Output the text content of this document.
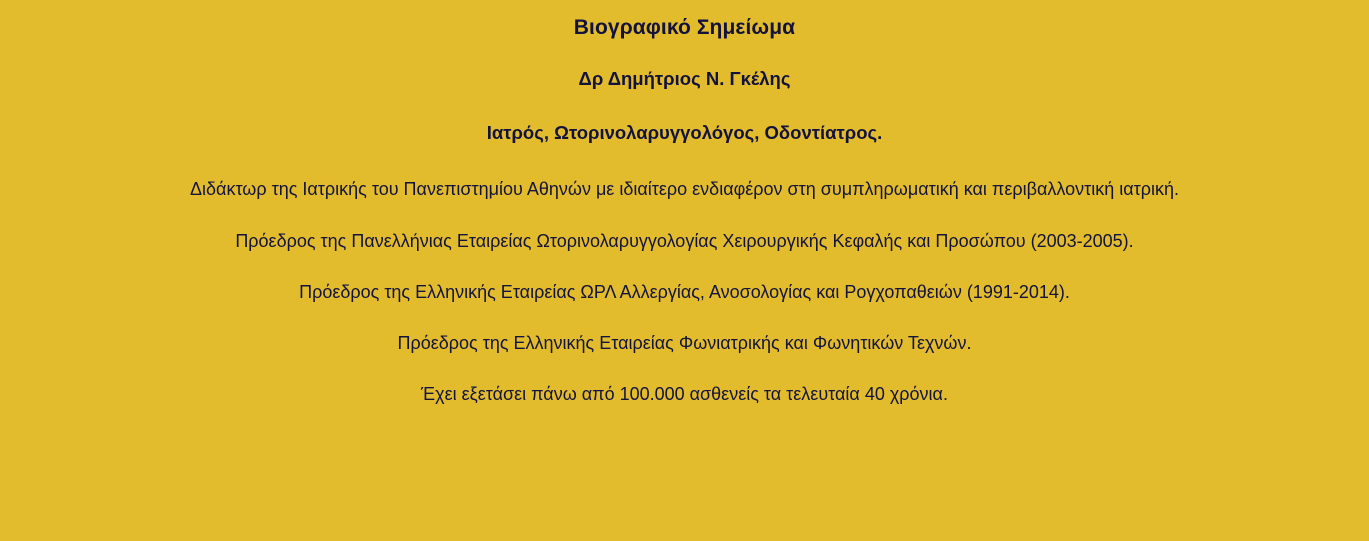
Βιογραφικό Σημείωμα
Δρ Δημήτριος Ν. Γκέλης
Ιατρός, Ωτορινολαρυγγολόγος, Οδοντίατρος.

Διδάκτωρ της Ιατρικής του Πανεπιστημίου Αθηνών με ιδιαίτερο ενδιαφέρον στη συμπληρωματική και περιβαλλοντική ιατρική.

Πρόεδρος της Πανελλήνιας Εταιρείας Ωτορινολαρυγγολογίας Χειρουργικής Κεφαλής και Προσώπου (2003-2005).

Πρόεδρος της Ελληνικής Εταιρείας ΩΡΛ Αλλεργίας, Ανοσολογίας και Ρογχοπαθειών (1991-2014).

Πρόεδρος της Ελληνικής Εταιρείας Φωνιατρικής και Φωνητικών Τεχνών.

Έχει εξετάσει πάνω από 100.000 ασθενείς τα τελευταία 40 χρόνια.
